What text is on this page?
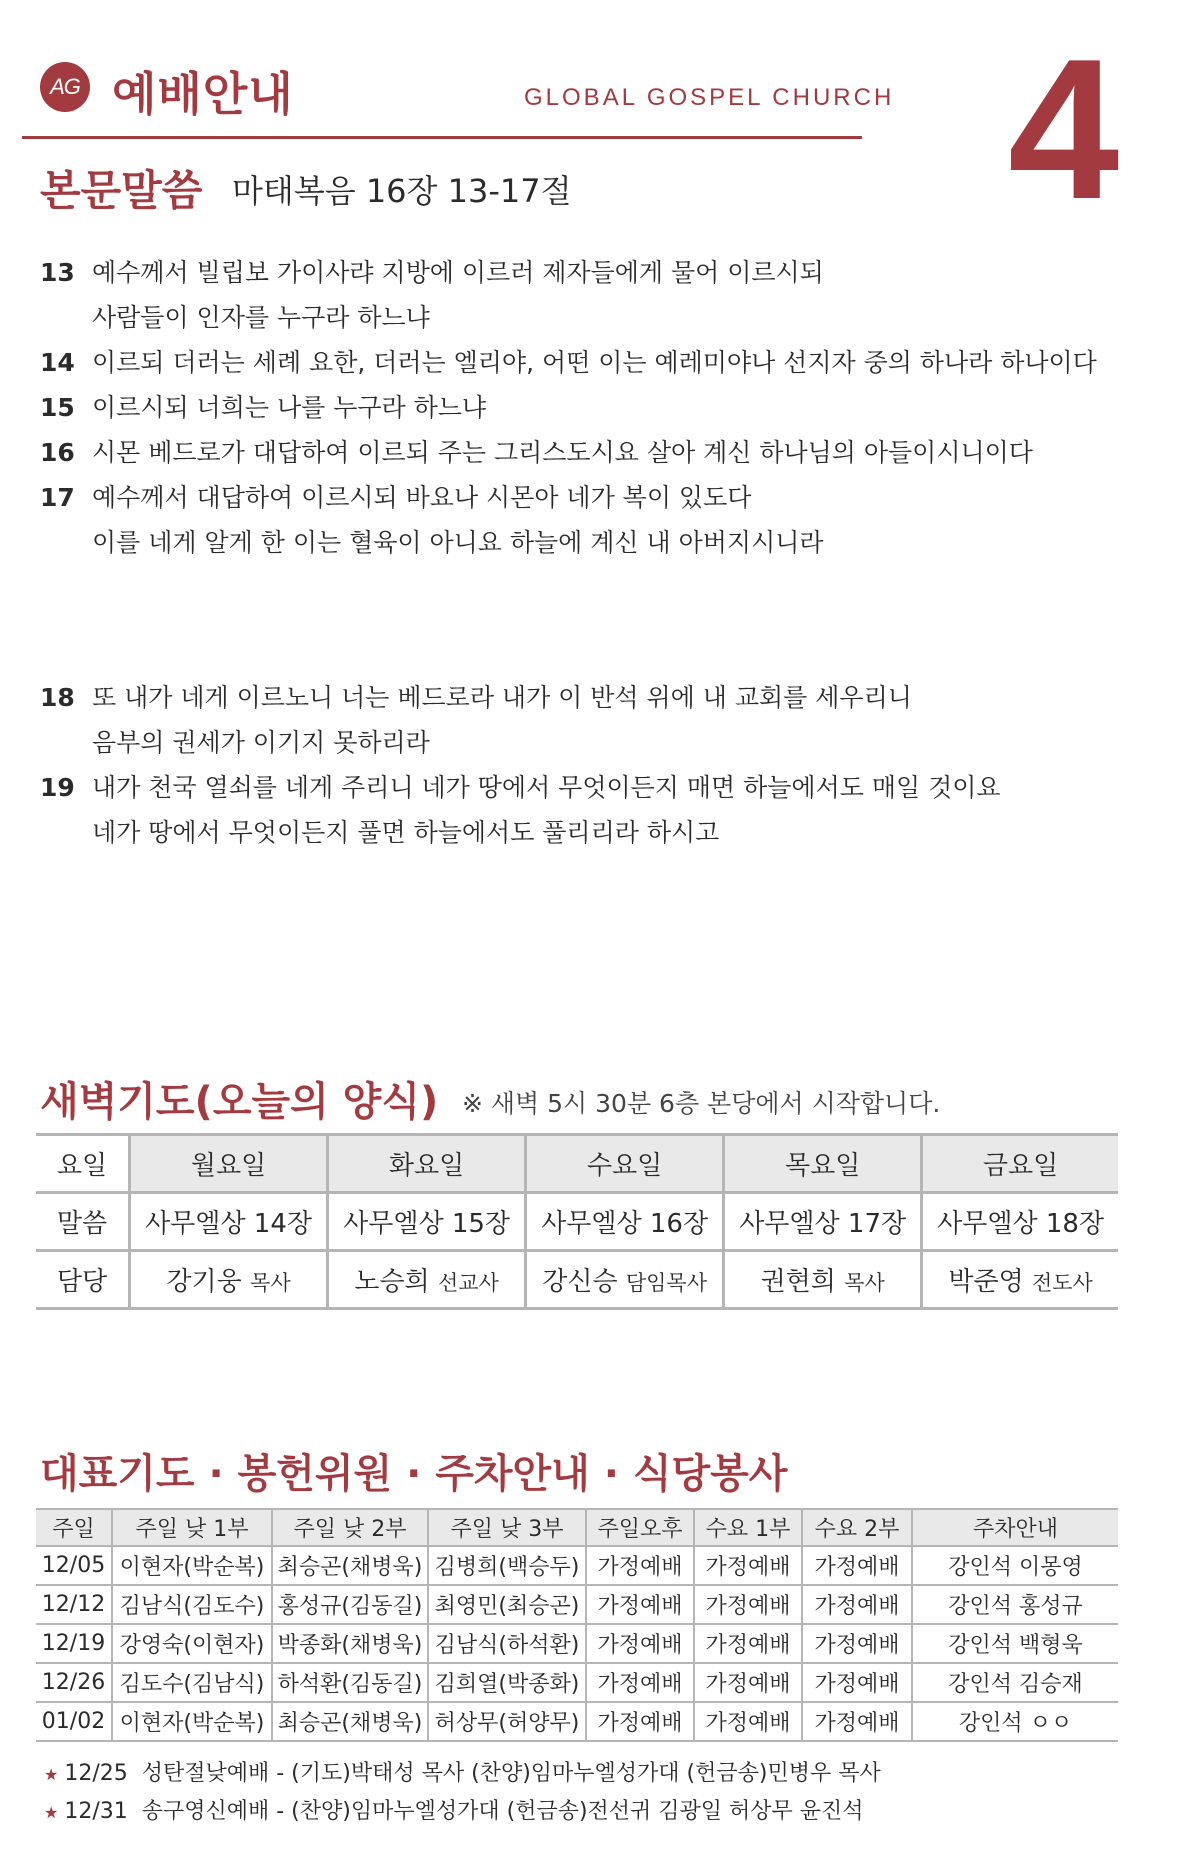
AG 예배안내	GLOBAL GOSPEL CHURCH 4
본문말씀 마태복음 16장 13-17절
13 예수께서 빌립보 가이사랴 지방에 이르러 제자들에게 물어 이르시되
사람들이 인자를 누구라 하느냐
14 이르되 더러는 세례 요한, 더러는 엘리야, 어떤 이는 예레미야나 선지자 중의 하나라 하나이다
15 이르시되 너희는 나를 누구라 하느냐
16 시몬 베드로가 대답하여 이르되 주는 그리스도시요 살아 계신 하나님의 아들이시니이다
17 예수께서 대답하여 이르시되 바요나 시몬아 네가 복이 있도다
이를 네게 알게 한 이는 혈육이 아니요 하늘에 계신 내 아버지시니라
18 또 내가 네게 이르노니 너는 베드로라 내가 이 반석 위에 내 교회를 세우리니
음부의 권세가 이기지 못하리라
19 내가 천국 열쇠를 네게 주리니 네가 땅에서 무엇이든지 매면 하늘에서도 매일 것이요
네가 땅에서 무엇이든지 풀면 하늘에서도 풀리리라 하시고
새벽기도(오늘의 양식) ※ 새벽 5시 30분 6층 본당에서 시작합니다.
요일	월요일	화요일	수요일	목요일	금요일
말씀	사무엘상 14장	사무엘상 15장	사무엘상 16장	사무엘상 17장	사무엘상 18장
담당	강기웅 목사	노승희 선교사	강신승 담임목사	권현희 목사	박준영 전도사
대표기도 · 봉헌위원 · 주차안내 · 식당봉사
주일	주일 낮 1부	주일 낮 2부	주일 낮 3부	주일오후	수요 1부	수요 2부	주차안내
12/05	이현자(박순복)	최승곤(채병욱)	김병희(백승두)	가정예배	가정예배	가정예배	강인석 이몽영
12/12	김남식(김도수)	홍성규(김동길)	최영민(최승곤)	가정예배	가정예배	가정예배	강인석 홍성규
12/19	강영숙(이현자)	박종화(채병욱)	김남식(하석환)	가정예배	가정예배	가정예배	강인석 백형욱
12/26	김도수(김남식)	하석환(김동길)	김희열(박종화)	가정예배	가정예배	가정예배	강인석 김승재
01/02	이현자(박순복)	최승곤(채병욱)	허상무(허양무)	가정예배	가정예배	가정예배	강인석 ㅇㅇ
★ 12/25 성탄절낮예배 - (기도)박태성 목사 (찬양)임마누엘성가대 (헌금송)민병우 목사
★ 12/31 송구영신예배 - (찬양)임마누엘성가대 (헌금송)전선귀 김광일 허상무 윤진석
